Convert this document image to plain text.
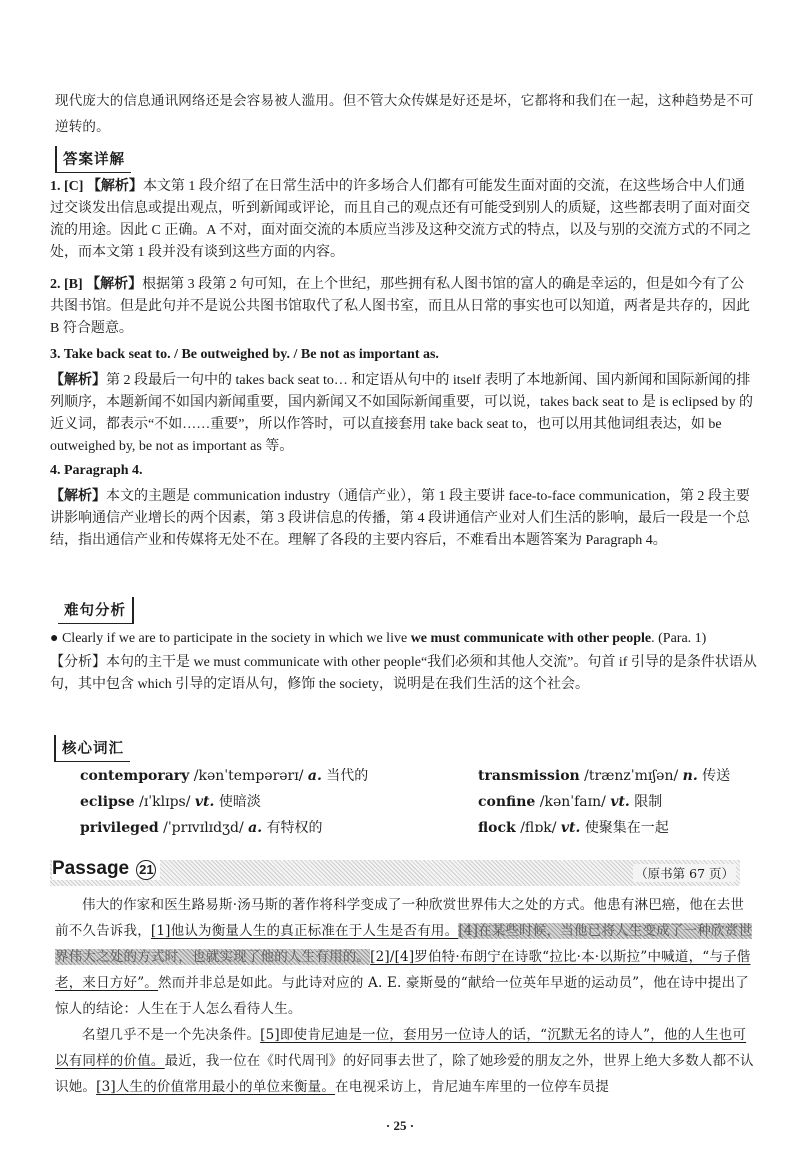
现代庞大的信息通讯网络还是会容易被人滥用。但不管大众传媒是好还是坏，它都将和我们在一起，这种趋势是不可逆转的。
答案详解
1. [C] 【解析】本文第 1 段介绍了在日常生活中的许多场合人们都有可能发生面对面的交流，在这些场合中人们通过交谈发出信息或提出观点，听到新闻或评论，而且自己的观点还有可能受到别人的质疑，这些都表明了面对面交流的用途。因此 C 正确。A 不对，面对面交流的本质应当涉及这种交流方式的特点，以及与别的交流方式的不同之处，而本文第 1 段并没有谈到这些方面的内容。
2. [B] 【解析】根据第 3 段第 2 句可知，在上个世纪，那些拥有私人图书馆的富人的确是幸运的，但是如今有了公共图书馆。但是此句并不是说公共图书馆取代了私人图书室，而且从日常的事实也可以知道，两者是共存的，因此 B 符合题意。
3. Take back seat to. / Be outweighed by. / Be not as important as.
【解析】第 2 段最后一句中的 takes back seat to… 和定语从句中的 itself 表明了本地新闻、国内新闻和国际新闻的排列顺序，本题新闻不如国内新闻重要，国内新闻又不如国际新闻重要，可以说，takes back seat to 是 is eclipsed by 的近义词，都表示“不如……重要”，所以作答时，可以直接套用 take back seat to，也可以用其他词组表达，如 be outweighed by, be not as important as 等。
4. Paragraph 4.
【解析】本文的主题是 communication industry（通信产业），第 1 段主要讲 face-to-face communication，第 2 段主要讲影响通信产业增长的两个因素，第 3 段讲信息的传播，第 4 段讲通信产业对人们生活的影响，最后一段是一个总结，指出通信产业和传媒将无处不在。理解了各段的主要内容后，不难看出本题答案为 Paragraph 4。
难句分析
● Clearly if we are to participate in the society in which we live we must communicate with other people. (Para. 1)
【分析】本句的主干是 we must communicate with other people“我们必须和其他人交流”。句首 if 引导的是条件状语从句，其中包含 which 引导的定语从句，修饰 the society，说明是在我们生活的这个社会。
核心词汇
contemporary /kənˈtempərərɪ/ a. 当代的
eclipse /ɪˈklɪps/ vt. 使暗淡
privileged /ˈprɪvɪlɪdʒd/ a. 有特权的
transmission /trænzˈmɪʃən/ n. 传送
confine /kənˈfaɪn/ vt. 限制
flock /flɒk/ vt. 使聚集在一起
Passage 21	（原书第 67 页）

伟大的作家和医生路易斯·汤马斯的著作将科学变成了一种欣赏世界伟大之处的方式。他患有淋巴癌，他在去世前不久告诉我，[1]他认为衡量人生的真正标准在于人生是否有用。[4]在某些时候，当他已将人生变成了一种欣赏世界伟大之处的方式时，也就实现了他的人生有用的。[2]/[4]罗伯特·布朗宁在诗歌“拉比·本·以斯拉”中喊道，“与子偕老，来日方好”。然而并非总是如此。与此诗对应的 A. E. 豪斯曼的“献给一位英年早逝的运动员”，他在诗中提出了惊人的结论：人生在于人怎么看待人生。

名望几乎不是一个先决条件。[5]即使肯尼迪是一位，套用另一位诗人的话，“沉默无名的诗人”，他的人生也可以有同样的价值。最近，我一位在《时代周刊》的好同事去世了，除了她珍爱的朋友之外，世界上绝大多数人都不认识她。[3]人生的价值常用最小的单位来衡量。在电视采访上，肯尼迪车库里的一位停车员提

· 25 ·
